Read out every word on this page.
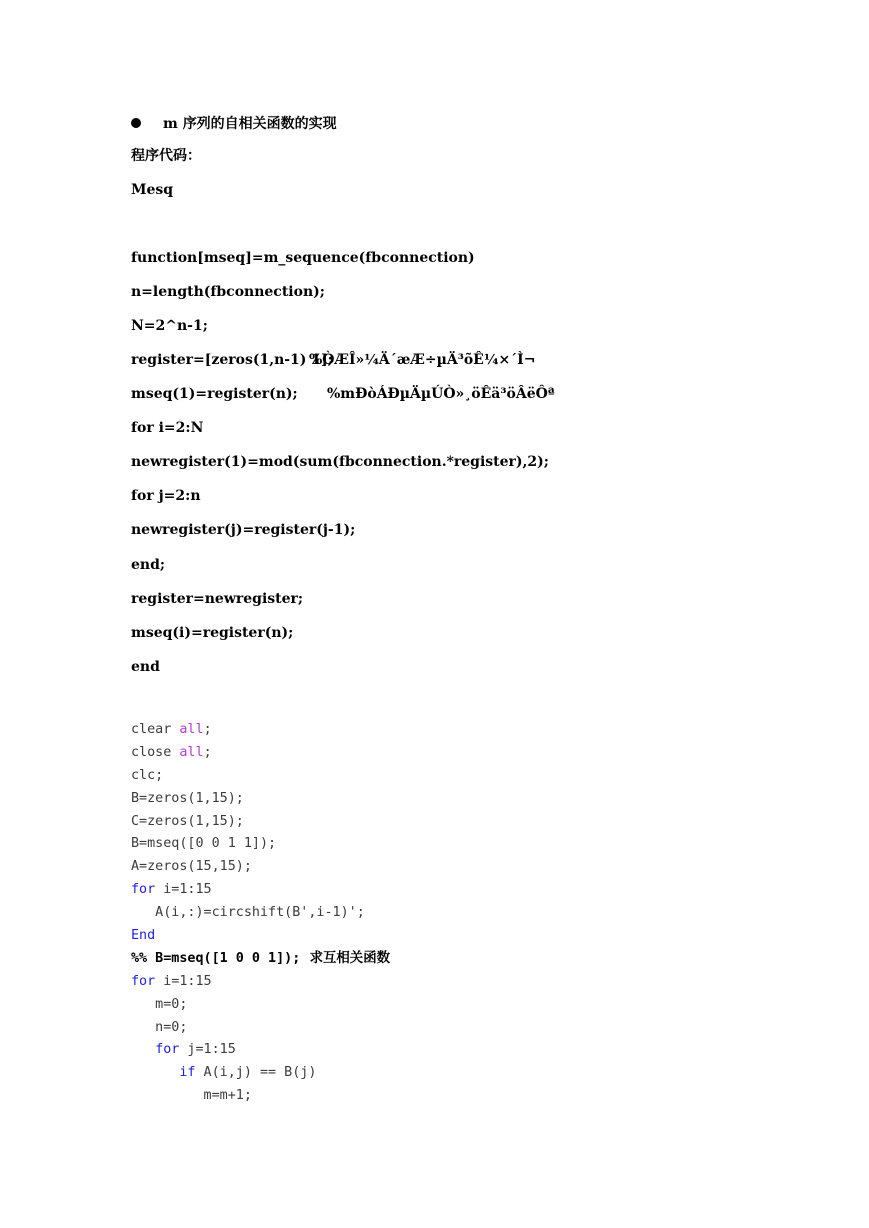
m 序列的自相关函数的实现
程序代码：
Mesq
function[mseq]=m_sequence(fbconnection)
n=length(fbconnection);
N=2^n-1;
register=[zeros(1,n-1) 1];
%ÒÆÎ»¼Ä´æÆ÷µÄ³õÊ¼×´Ì¬
mseq(1)=register(n); %mÐòÁÐµÄµÚÒ»¸öÊä³öÂëÔª
for i=2:N
newregister(1)=mod(sum(fbconnection.*register),2);
for j=2:n
newregister(j)=register(j-1);
end;
register=newregister;
mseq(i)=register(n);
end
clear all;
close all;
clc;
B=zeros(1,15);
C=zeros(1,15);
B=mseq([0 0 1 1]);
A=zeros(15,15);
for i=1:15
A(i,:)=circshift(B',i-1)';
End
%% B=mseq([1 0 0 1]);  求互相关函数
for i=1:15
m=0;
n=0;
for j=1:15
if A(i,j) == B(j)
m=m+1;
